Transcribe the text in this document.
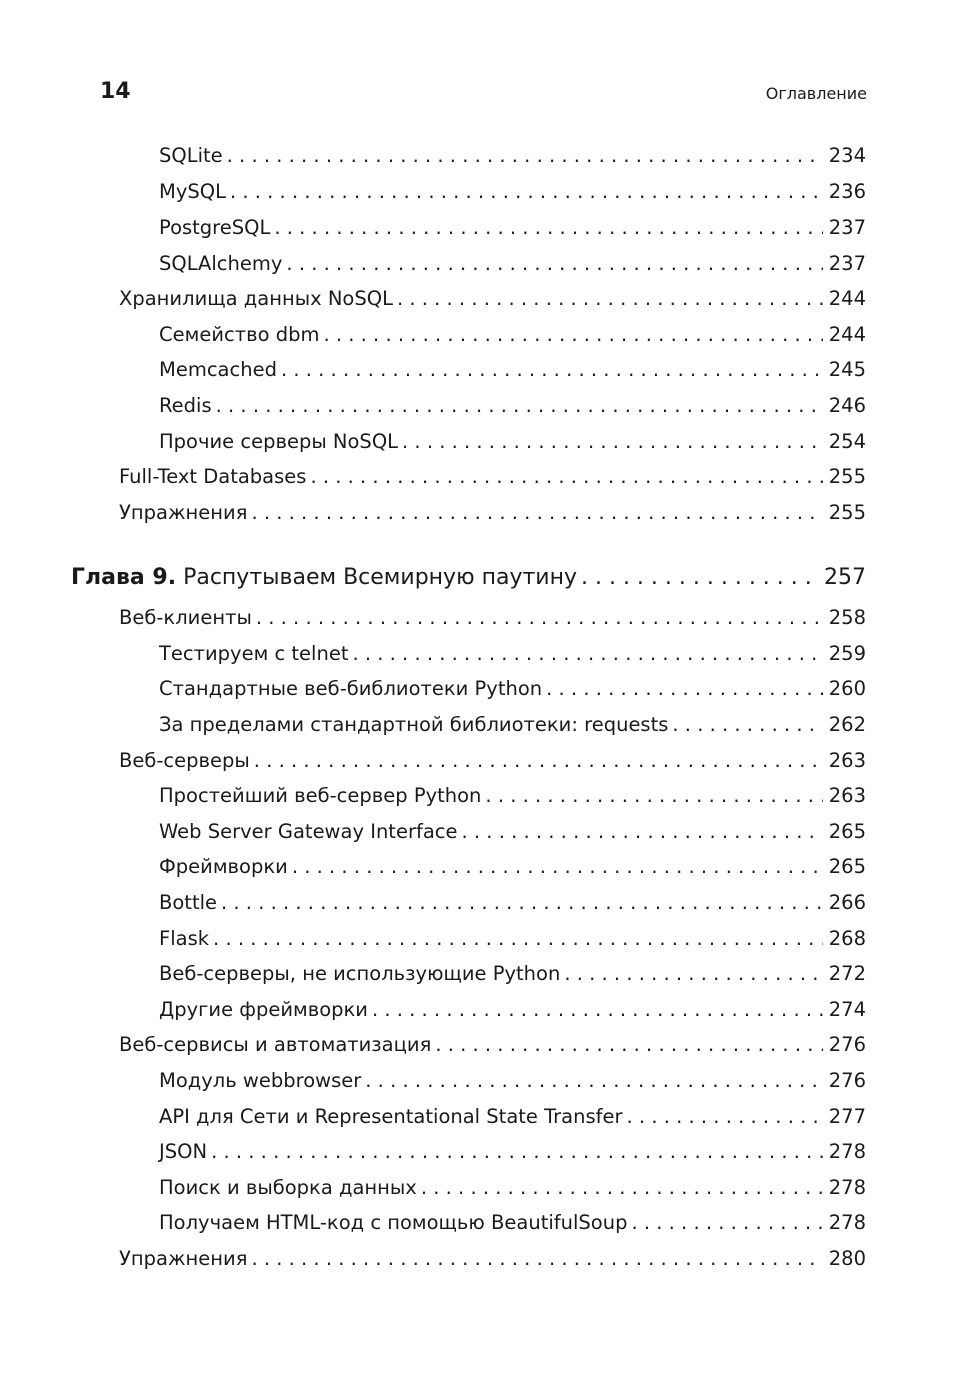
14	Оглавление
SQLite . . .	234
MySQL . . .	236
PostgreSQL . . .	237
SQLAlchemy . . .	237
Хранилища данных NoSQL . . .	244
Семейство dbm . . .	244
Memcached . . .	245
Redis . . .	246
Прочие серверы NoSQL . . .	254
Full-Text Databases . . .	255
Упражнения . . .	255
Глава 9. Распутываем Всемирную паутину . . .	257
Веб-клиенты . . .	258
Тестируем с telnet . . .	259
Стандартные веб-библиотеки Python . . .	260
За пределами стандартной библиотеки: requests . . .	262
Веб-серверы . . .	263
Простейший веб-сервер Python . . .	263
Web Server Gateway Interface . . .	265
Фреймворки . . .	265
Bottle . . .	266
Flask . . .	268
Веб-серверы, не использующие Python . . .	272
Другие фреймворки . . .	274
Веб-сервисы и автоматизация . . .	276
Модуль webbrowser . . .	276
API для Сети и Representational State Transfer . . .	277
JSON . . .	278
Поиск и выборка данных . . .	278
Получаем HTML-код с помощью BeautifulSoup . . .	278
Упражнения . . .	280
